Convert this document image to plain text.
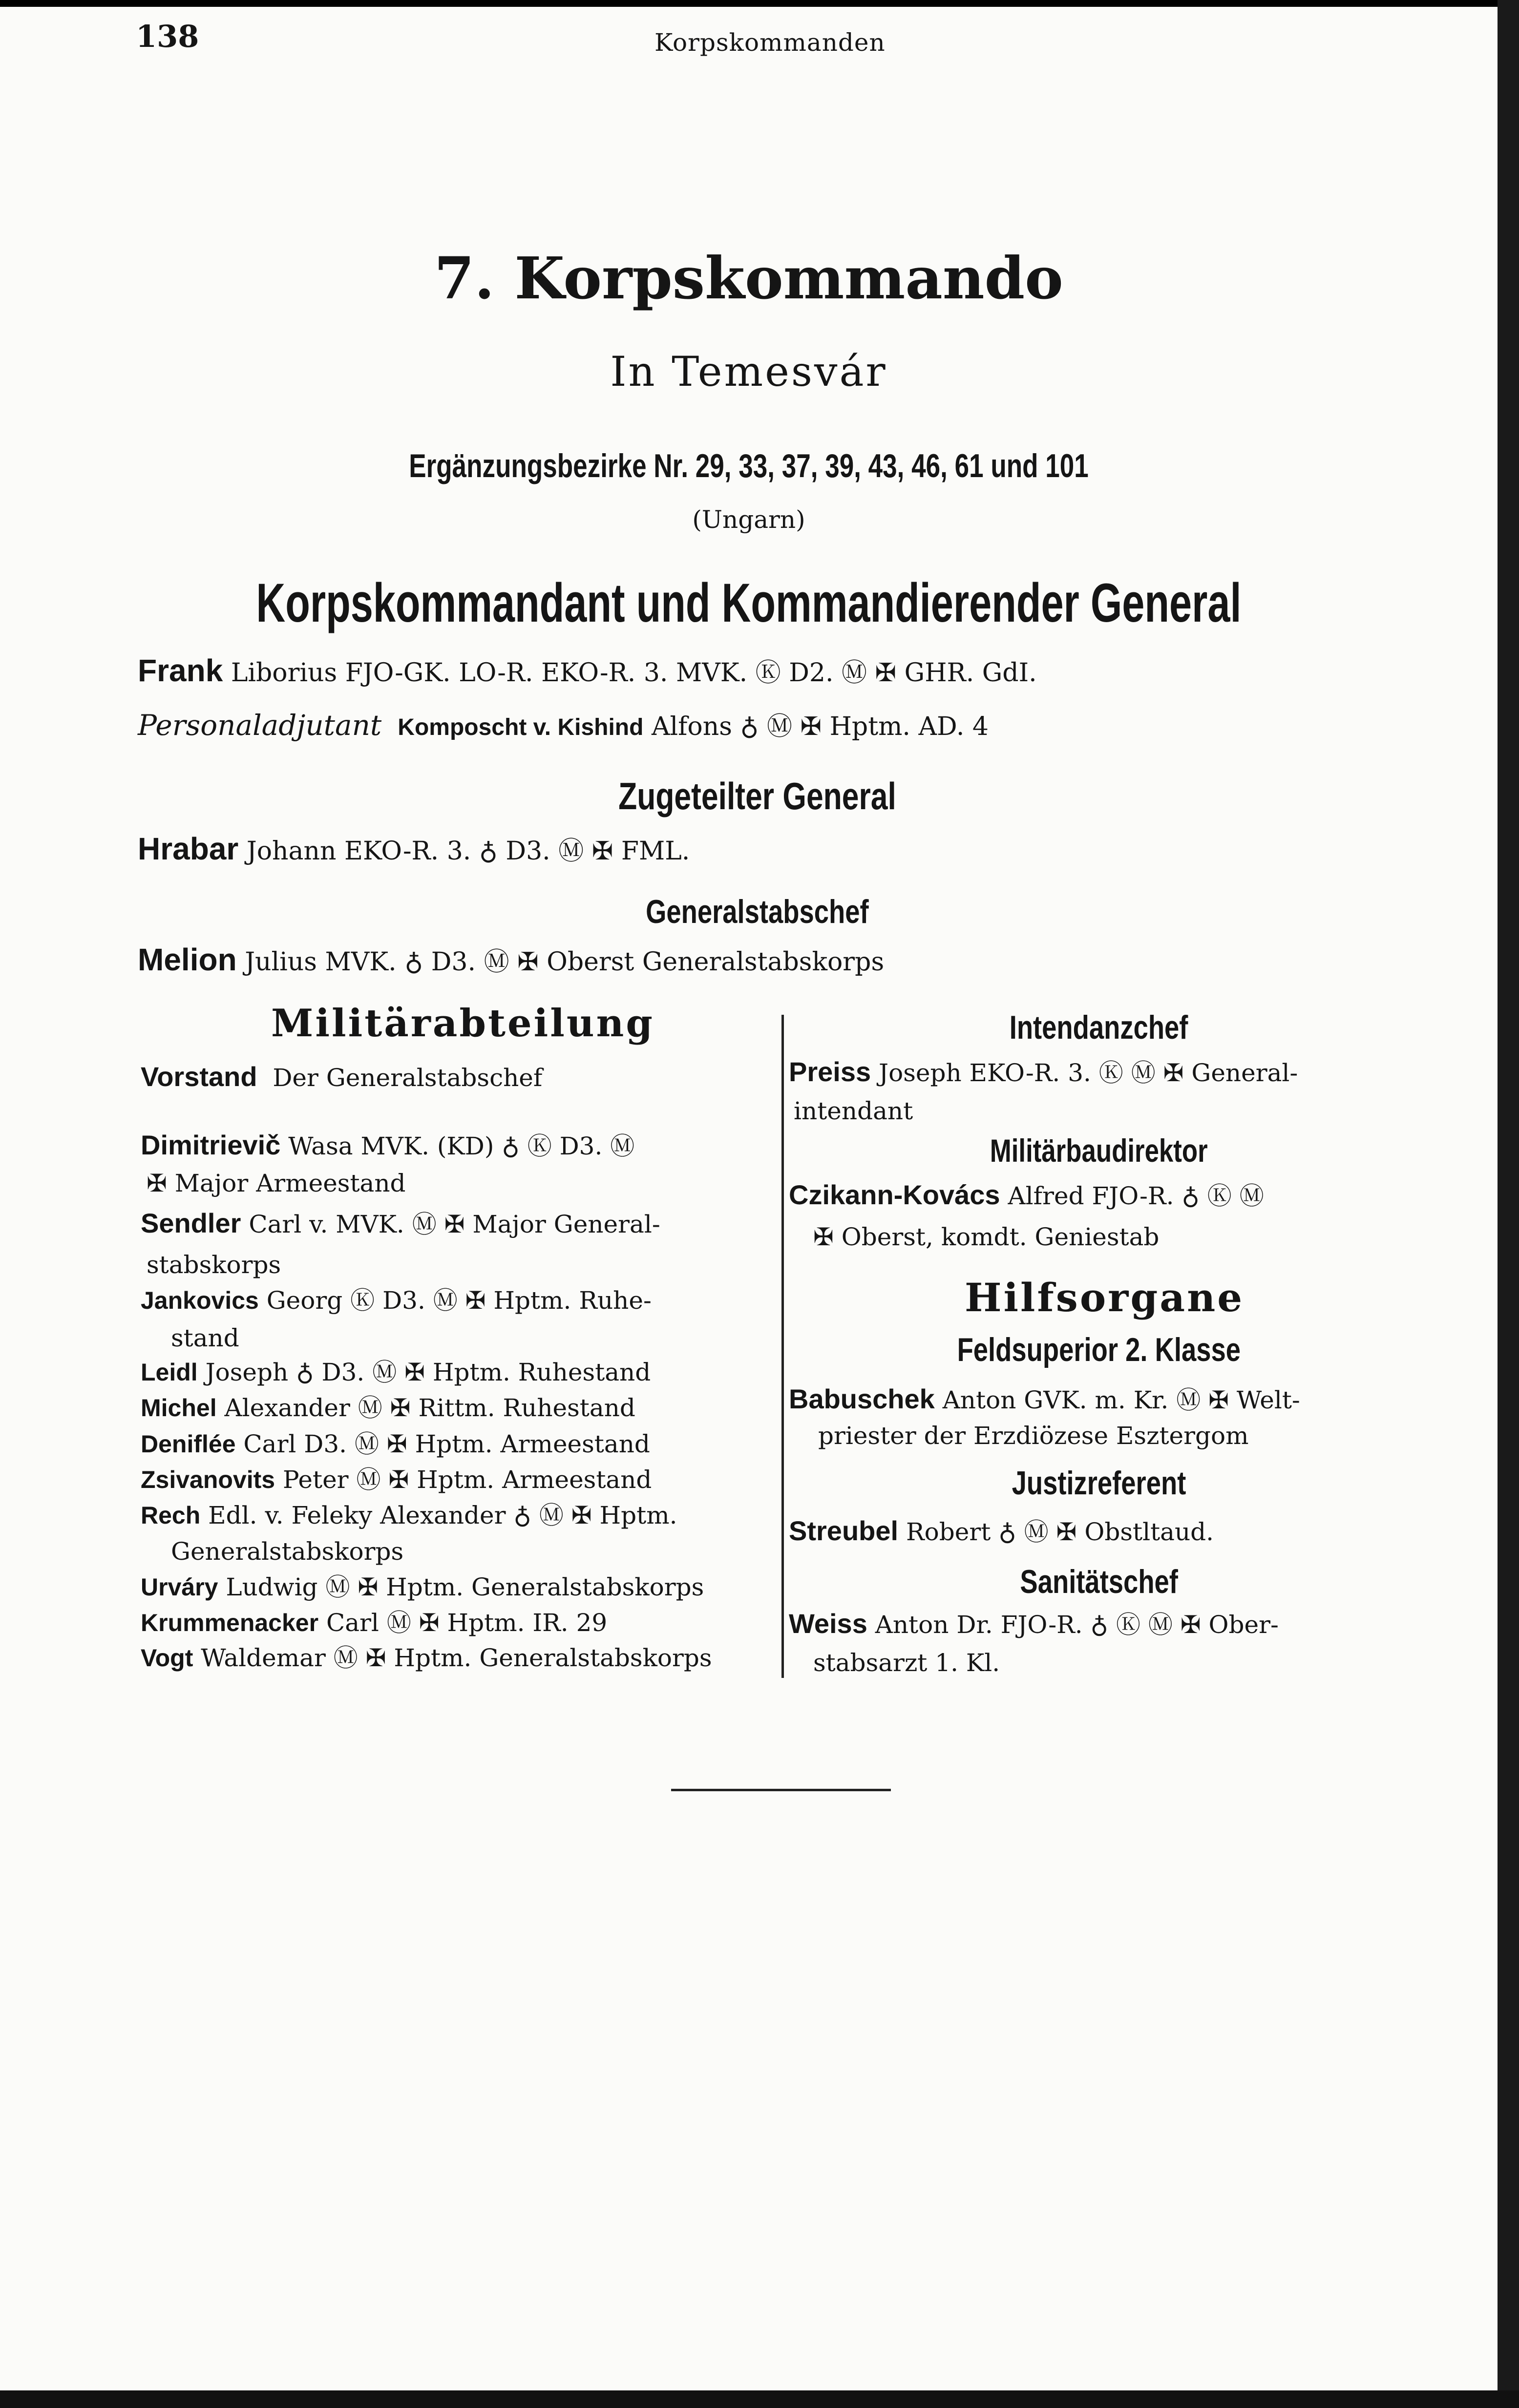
138	Korpskommanden
7. Korpskommando
In Temesvár
Ergänzungsbezirke Nr. 29, 33, 37, 39, 43, 46, 61 und 101
(Ungarn)
Korpskommandant und Kommandierender General
Frank Liborius FJO-GK. LO-R. EKO-R. 3. MVK. Ⓚ D2. Ⓜ ✠ GHR. GdI.
Personaladjutant Komposcht v. Kishind Alfons ♁ Ⓜ ✠ Hptm. AD. 4
Zugeteilter General
Hrabar Johann EKO-R. 3. ♁ D3. Ⓜ ✠ FML.
Generalstabschef
Melion Julius MVK. ♁ D3. Ⓜ ✠ Oberst Generalstabskorps
Militärabteilung
Vorstand Der Generalstabschef
Dimitrievič Wasa MVK. (KD) ♁ Ⓚ D3. Ⓜ
✠ Major Armeestand
Sendler Carl v. MVK. Ⓜ ✠ Major General-
stabskorps
Jankovics Georg Ⓚ D3. Ⓜ ✠ Hptm. Ruhe-
stand
Leidl Joseph ♁ D3. Ⓜ ✠ Hptm. Ruhestand
Michel Alexander Ⓜ ✠ Rittm. Ruhestand
Deniflée Carl D3. Ⓜ ✠ Hptm. Armeestand
Zsivanovits Peter Ⓜ ✠ Hptm. Armeestand
Rech Edl. v. Feleky Alexander ♁ Ⓜ ✠ Hptm.
Generalstabskorps
Urváry Ludwig Ⓜ ✠ Hptm. Generalstabskorps
Krummenacker Carl Ⓜ ✠ Hptm. IR. 29
Vogt Waldemar Ⓜ ✠ Hptm. Generalstabskorps
Intendanzchef
Preiss Joseph EKO-R. 3. Ⓚ Ⓜ ✠ General-
intendant
Militärbaudirektor
Czikann-Kovács Alfred FJO-R. ♁ Ⓚ Ⓜ
✠ Oberst, komdt. Geniestab
Hilfsorgane
Feldsuperior 2. Klasse
Babuschek Anton GVK. m. Kr. Ⓜ ✠ Welt-
priester der Erzdiözese Esztergom
Justizreferent
Streubel Robert ♁ Ⓜ ✠ Obstltaud.
Sanitätschef
Weiss Anton Dr. FJO-R. ♁ Ⓚ Ⓜ ✠ Ober-
stabsarzt 1. Kl.
